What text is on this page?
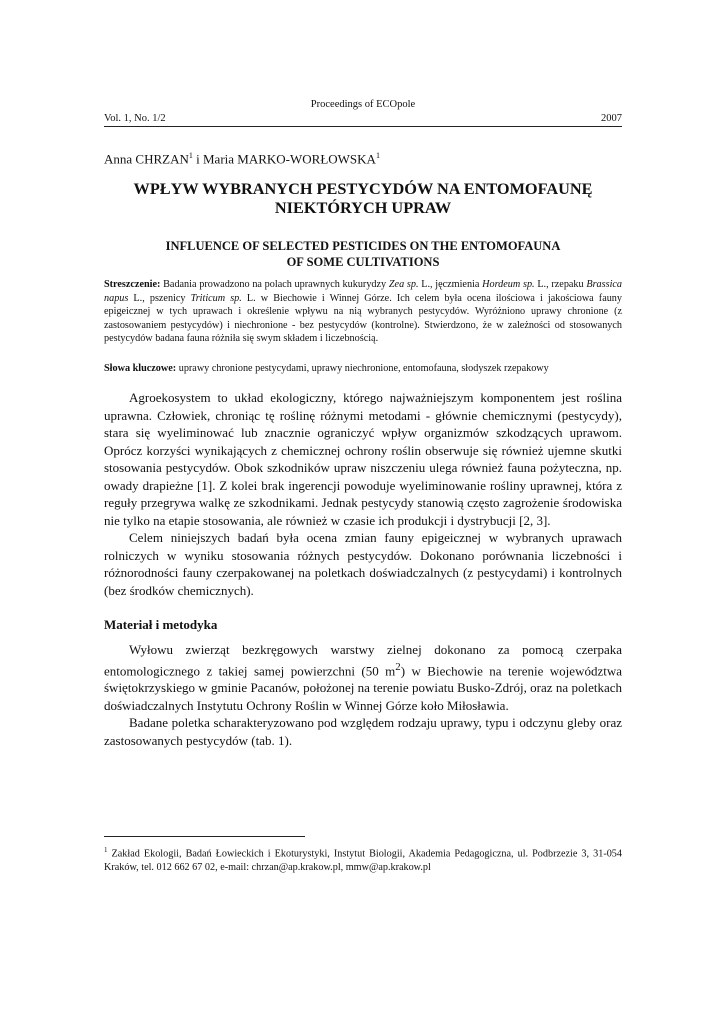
Proceedings of ECOpole
Vol. 1, No. 1/2	2007
Anna CHRZAN$^1$ i Maria MARKO-WORŁOWSKA$^1$
WPŁYW WYBRANYCH PESTYCYDÓW NA ENTOMOFAUNĘ
NIEKTÓRYCH UPRAW
INFLUENCE OF SELECTED PESTICIDES ON THE ENTOMOFAUNA
OF SOME CULTIVATIONS
Streszczenie: Badania prowadzono na polach uprawnych kukurydzy Zea sp. L., jęczmienia Hordeum sp. L., rzepaku Brassica napus L., pszenicy Triticum sp. L. w Biechowie i Winnej Górze. Ich celem była ocena ilościowa i jakościowa fauny epigeicznej w tych uprawach i określenie wpływu na nią wybranych pestycydów. Wyróżniono uprawy chronione (z zastosowaniem pestycydów) i niechronione - bez pestycydów (kontrolne). Stwierdzono, że w zależności od stosowanych pestycydów badana fauna różniła się swym składem i liczebnością.
Słowa kluczowe: uprawy chronione pestycydami, uprawy niechronione, entomofauna, słodyszek rzepakowy

Agroekosystem to układ ekologiczny, którego najważniejszym komponentem jest roślina uprawna. Człowiek, chroniąc tę roślinę różnymi metodami - głównie chemicznymi (pestycydy), stara się wyeliminować lub znacznie ograniczyć wpływ organizmów szkodzących uprawom. Oprócz korzyści wynikających z chemicznej ochrony roślin obserwuje się również ujemne skutki stosowania pestycydów. Obok szkodników upraw niszczeniu ulega również fauna pożyteczna, np. owady drapieżne [1]. Z kolei brak ingerencji powoduje wyeliminowanie rośliny uprawnej, która z reguły przegrywa walkę ze szkodnikami. Jednak pestycydy stanowią często zagrożenie środowiska nie tylko na etapie stosowania, ale również w czasie ich produkcji i dystrybucji [2, 3].

Celem niniejszych badań była ocena zmian fauny epigeicznej w wybranych uprawach rolniczych w wyniku stosowania różnych pestycydów. Dokonano porównania liczebności i różnorodności fauny czerpakowanej na poletkach doświadczalnych (z pestycydami) i kontrolnych (bez środków chemicznych).

Materiał i metodyka

Wyłowu zwierząt bezkręgowych warstwy zielnej dokonano za pomocą czerpaka entomologicznego z takiej samej powierzchni (50 $m^2$) w Biechowie na terenie województwa świętokrzyskiego w gminie Pacanów, położonej na terenie powiatu Busko-Zdrój, oraz na poletkach doświadczalnych Instytutu Ochrony Roślin w Winnej Górze koło Miłosławia.

Badane poletka scharakteryzowano pod względem rodzaju uprawy, typu i odczynu gleby oraz zastosowanych pestycydów (tab. 1).

$^1$ Zakład Ekologii, Badań Łowieckich i Ekoturystyki, Instytut Biologii, Akademia Pedagogiczna, ul. Podbrzezie 3, 31-054 Kraków, tel. 012 662 67 02, e-mail: chrzan@ap.krakow.pl, mmw@ap.krakow.pl
